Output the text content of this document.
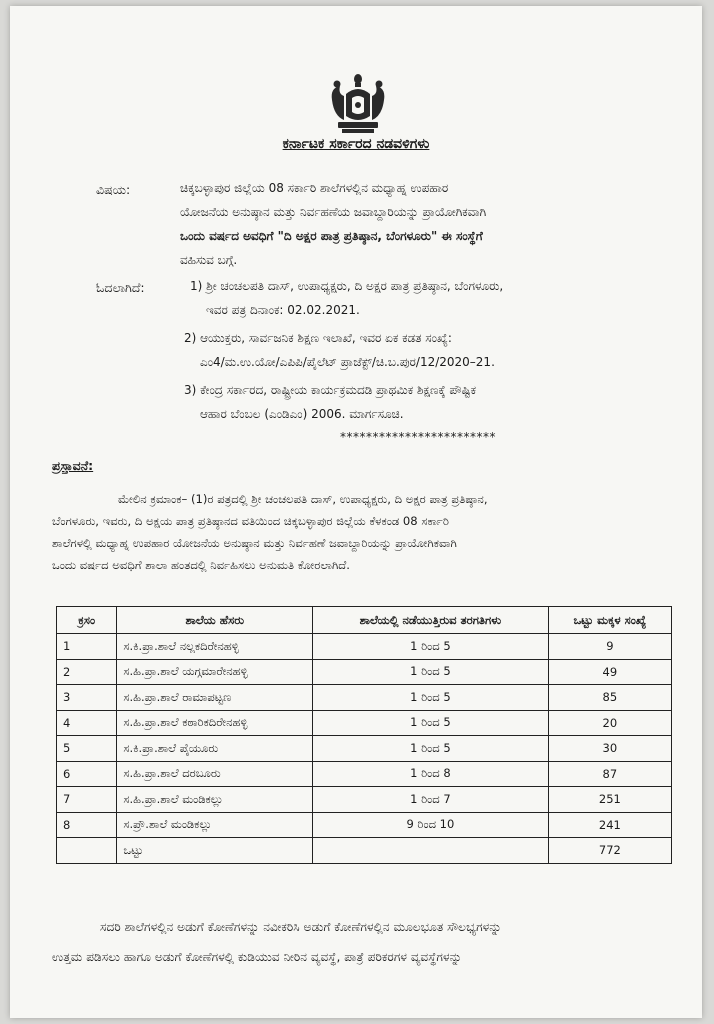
ಕರ್ನಾಟಕ ಸರ್ಕಾರದ ನಡವಳಿಗಳು
ವಿಷಯ:	ಚಿಕ್ಕಬಳ್ಳಾಪುರ ಜಿಲ್ಲೆಯ 08 ಸರ್ಕಾರಿ ಶಾಲೆಗಳಲ್ಲಿನ ಮಧ್ಯಾಹ್ನ ಉಪಹಾರ
ಯೋಜನೆಯ ಅನುಷ್ಠಾನ ಮತ್ತು ನಿರ್ವಹಣೆಯ ಜವಾಬ್ದಾರಿಯನ್ನು ಪ್ರಾಯೋಗಿಕವಾಗಿ
ಒಂದು ವರ್ಷದ ಅವಧಿಗೆ "ದಿ ಅಕ್ಷರ ಪಾತ್ರ ಪ್ರತಿಷ್ಠಾನ, ಬೆಂಗಳೂರು" ಈ ಸಂಸ್ಥೆಗೆ
ವಹಿಸುವ ಬಗ್ಗೆ.
ಓದಲಾಗಿದೆ:	1) ಶ್ರೀ ಚಂಚಲಪತಿ ದಾಸ್, ಉಪಾಧ್ಯಕ್ಷರು, ದಿ ಅಕ್ಷರ ಪಾತ್ರ ಪ್ರತಿಷ್ಠಾನ, ಬೆಂಗಳೂರು,
ಇವರ ಪತ್ರ ದಿನಾಂಕ: 02.02.2021.
2) ಆಯುಕ್ತರು, ಸಾರ್ವಜನಿಕ ಶಿಕ್ಷಣ ಇಲಾಖೆ, ಇವರ ಏಕ ಕಡತ ಸಂಖ್ಯೆ:
ಎಂ4/ಮ.ಉ.ಯೋ/ಎಪಿಪಿ/ಪೈಲೆಟ್ ಪ್ರಾಜೆಕ್ಟ್/ಚಿ.ಬ.ಪುರ/12/2020–21.
3) ಕೇಂದ್ರ ಸರ್ಕಾರದ, ರಾಷ್ಟ್ರೀಯ ಕಾರ್ಯಕ್ರಮದಡಿ ಪ್ರಾಥಮಿಕ ಶಿಕ್ಷಣಕ್ಕೆ ಪೌಷ್ಟಿಕ
ಆಹಾರ ಬೆಂಬಲ (ಎಂಡಿಎಂ) 2006. ಮಾರ್ಗಸೂಚಿ.
************************
ಪ್ರಸ್ತಾವನೆ:
ಮೇಲಿನ ಕ್ರಮಾಂಕ– (1)ರ ಪತ್ರದಲ್ಲಿ ಶ್ರೀ ಚಂಚಲಪತಿ ದಾಸ್, ಉಪಾಧ್ಯಕ್ಷರು, ದಿ ಅಕ್ಷರ ಪಾತ್ರ ಪ್ರತಿಷ್ಠಾನ,
ಬೆಂಗಳೂರು, ಇವರು, ದಿ ಅಕ್ಷಯ ಪಾತ್ರ ಪ್ರತಿಷ್ಠಾನದ ವತಿಯಿಂದ ಚಿಕ್ಕಬಳ್ಳಾಪುರ ಜಿಲ್ಲೆಯ ಕೆಳಕಂಡ 08 ಸರ್ಕಾರಿ
ಶಾಲೆಗಳಲ್ಲಿ ಮಧ್ಯಾಹ್ನ ಉಪಹಾರ ಯೋಜನೆಯ ಅನುಷ್ಠಾನ ಮತ್ತು ನಿರ್ವಹಣೆ ಜವಾಬ್ದಾರಿಯನ್ನು ಪ್ರಾಯೋಗಿಕವಾಗಿ
ಒಂದು ವರ್ಷದ ಅವಧಿಗೆ ಶಾಲಾ ಹಂತದಲ್ಲಿ ನಿರ್ವಹಿಸಲು ಅನುಮತಿ ಕೋರಲಾಗಿದೆ.
ಕ್ರಸಂ	ಶಾಲೆಯ ಹೆಸರು	ಶಾಲೆಯಲ್ಲಿ ನಡೆಯುತ್ತಿರುವ ತರಗತಿಗಳು	ಒಟ್ಟು ಮಕ್ಕಳ ಸಂಖ್ಯೆ
1	ಸ.ಕಿ.ಪ್ರಾ.ಶಾಲೆ ನಲ್ಲಕದಿರೇನಹಳ್ಳಿ	1 ರಿಂದ 5	9
2	ಸ.ಹಿ.ಪ್ರಾ.ಶಾಲೆ ಯಗ್ಗಮಾರೇನಹಳ್ಳಿ	1 ರಿಂದ 5	49
3	ಸ.ಹಿ.ಪ್ರಾ.ಶಾಲೆ ರಾಮಾಪಟ್ಟಣ	1 ರಿಂದ 5	85
4	ಸ.ಹಿ.ಪ್ರಾ.ಶಾಲೆ ಕಠಾರಿಕದಿರೇನಹಳ್ಳಿ	1 ರಿಂದ 5	20
5	ಸ.ಕಿ.ಪ್ರಾ.ಶಾಲೆ ಪೈಯೂರು	1 ರಿಂದ 5	30
6	ಸ.ಹಿ.ಪ್ರಾ.ಶಾಲೆ ದರಬೂರು	1 ರಿಂದ 8	87
7	ಸ.ಹಿ.ಪ್ರಾ.ಶಾಲೆ ಮಂಡಿಕಲ್ಲು	1 ರಿಂದ 7	251
8	ಸ.ಪ್ರೌ.ಶಾಲೆ ಮಂಡಿಕಲ್ಲು	9 ರಿಂದ 10	241
	ಒಟ್ಟು		772
ಸದರಿ ಶಾಲೆಗಳಲ್ಲಿನ ಅಡುಗೆ ಕೋಣೆಗಳನ್ನು ನವೀಕರಿಸಿ ಅಡುಗೆ ಕೋಣೆಗಳಲ್ಲಿನ ಮೂಲಭೂತ ಸೌಲಭ್ಯಗಳನ್ನು
ಉತ್ತಮ ಪಡಿಸಲು ಹಾಗೂ ಅಡುಗೆ ಕೋಣೆಗಳಲ್ಲಿ ಕುಡಿಯುವ ನೀರಿನ ವ್ಯವಸ್ಥೆ, ಪಾತ್ರೆ ಪರಿಕರಗಳ ವ್ಯವಸ್ಥೆಗಳನ್ನು
